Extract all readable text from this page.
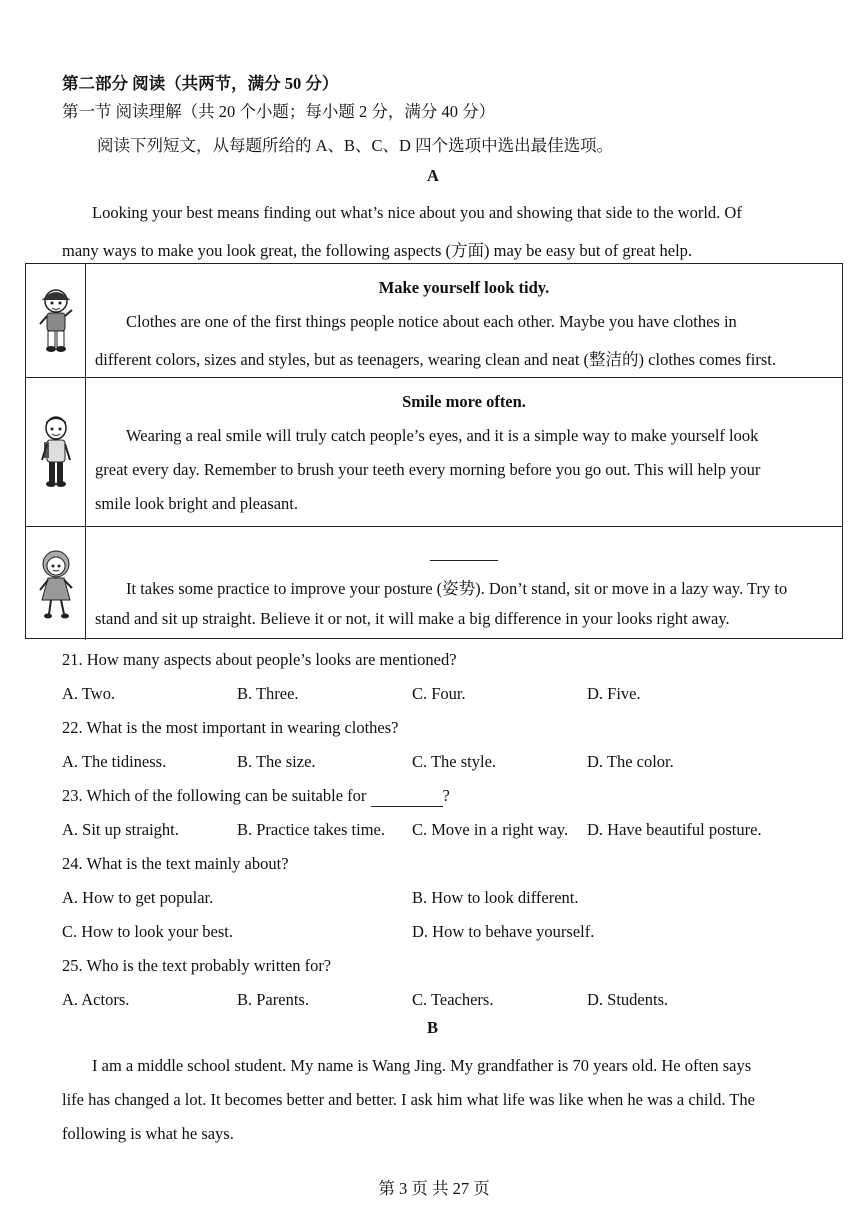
第二部分 阅读（共两节，满分 50 分）
第一节 阅读理解（共 20 个小题；每小题 2 分，满分 40 分）
阅读下列短文，从每题所给的 A、B、C、D 四个选项中选出最佳选项。
A
Looking your best means finding out what’s nice about you and showing that side to the world. Of
many ways to make you look great, the following aspects (方面) may be easy but of great help.
Make yourself look tidy.
Clothes are one of the first things people notice about each other. Maybe you have clothes in
different colors, sizes and styles, but as teenagers, wearing clean and neat (整洁的) clothes comes first.
Smile more often.
Wearing a real smile will truly catch people’s eyes, and it is a simple way to make yourself look
great every day. Remember to brush your teeth every morning before you go out. This will help your
smile look bright and pleasant.
It takes some practice to improve your posture (姿势). Don’t stand, sit or move in a lazy way. Try to
stand and sit up straight. Believe it or not, it will make a big difference in your looks right away.
21. How many aspects about people’s looks are mentioned?
A. Two.	B. Three.	C. Four.	D. Five.
22. What is the most important in wearing clothes?
A. The tidiness.	B. The size.	C. The style.	D. The color.
23. Which of the following can be suitable for	?
A. Sit up straight.	B. Practice takes time. C. Move in a right way. D. Have beautiful posture.
24. What is the text mainly about?
A. How to get popular.	B. How to look different.
C. How to look your best.	D. How to behave yourself.
25. Who is the text probably written for?
A. Actors.	B. Parents.	C. Teachers.	D. Students.
B
I am a middle school student. My name is Wang Jing. My grandfather is 70 years old. He often says
life has changed a lot. It becomes better and better. I ask him what life was like when he was a child. The
following is what he says.
第 3 页 共 27 页
